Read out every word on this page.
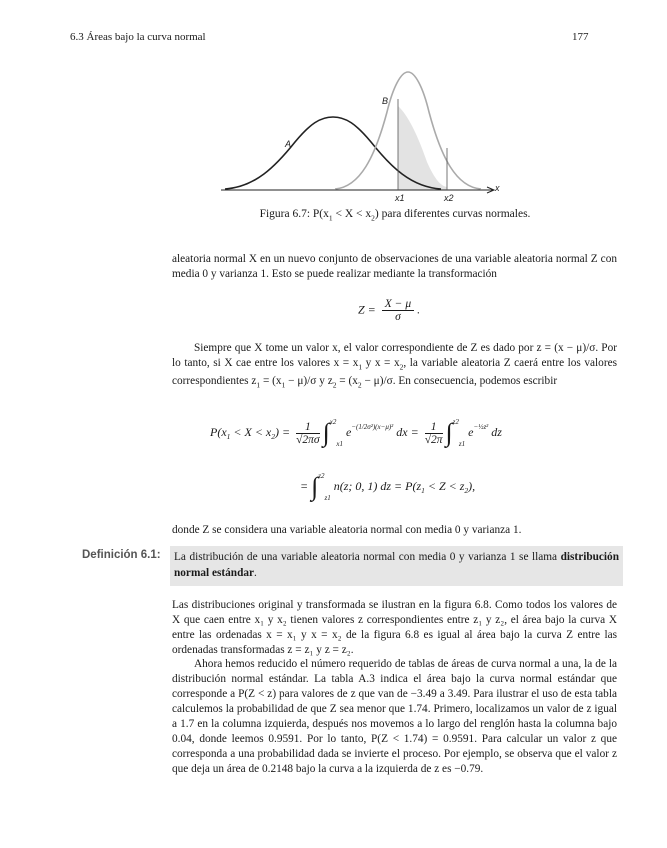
6.3 Áreas bajo la curva normal	177
A
B
x
x1	x2
Figura 6.7: $P(x_1 < X < x_2)$ para diferentes curvas normales.
aleatoria normal X en un nuevo conjunto de observaciones de una variable aleatoria normal Z con media 0 y varianza 1. Esto se puede realizar mediante la transformación
$Z = \frac{X - \mu}{\sigma}$ .
Siempre que X tome un valor x, el valor correspondiente de Z es dado por z = (x − μ)/σ. Por lo tanto, si X cae entre los valores $x = x_1$ y $x = x_2$, la variable aleatoria Z caerá entre los valores correspondientes $z_1 = (x_1 - \mu)/\sigma$ y $z_2 = (x_2 - \mu)/\sigma$. En consecuencia, podemos escribir
$P(x_1 < X < x_2) = \frac{1}{√2\pi\sigma} \int^{x2}_{x1}$ $e^{-(1/2\sigma^2)(x-\mu)^2}$ dx = $\frac{1}{√2\pi} \int^{z2}_{z1}$ $e^{-\frac{1}{2}z^2}$ dz
= ∫$^{z2}_{z1}$ n(z; 0, 1) dz = $P(z_1 < Z < z_2)$,
donde Z se considera una variable aleatoria normal con media 0 y varianza 1.
Definición 6.1:	La distribución de una variable aleatoria normal con media 0 y varianza 1 se llama distribución normal estándar.
Las distribuciones original y transformada se ilustran en la figura 6.8. Como todos los valores de X que caen entre x₁ y x₂ tienen valores z correspondientes entre z₁ y z₂, el área bajo la curva X entre las ordenadas x = x₁ y x = x₂ de la figura 6.8 es igual al área bajo la curva Z entre las ordenadas transformadas z = z₁ y z = z₂.
Ahora hemos reducido el número requerido de tablas de áreas de curva normal a una, la de la distribución normal estándar. La tabla A.3 indica el área bajo la curva normal estándar que corresponde a P(Z < z) para valores de z que van de −3.49 a 3.49. Para ilustrar el uso de esta tabla calculemos la probabilidad de que Z sea menor que 1.74. Primero, localizamos un valor de z igual a 1.7 en la columna izquierda, después nos movemos a lo largo del renglón hasta la columna bajo 0.04, donde leemos 0.9591. Por lo tanto, P(Z < 1.74) = 0.9591. Para calcular un valor z que corresponda a una probabilidad dada se invierte el proceso. Por ejemplo, se observa que el valor z que deja un área de 0.2148 bajo la curva a la izquierda de z es −0.79.
